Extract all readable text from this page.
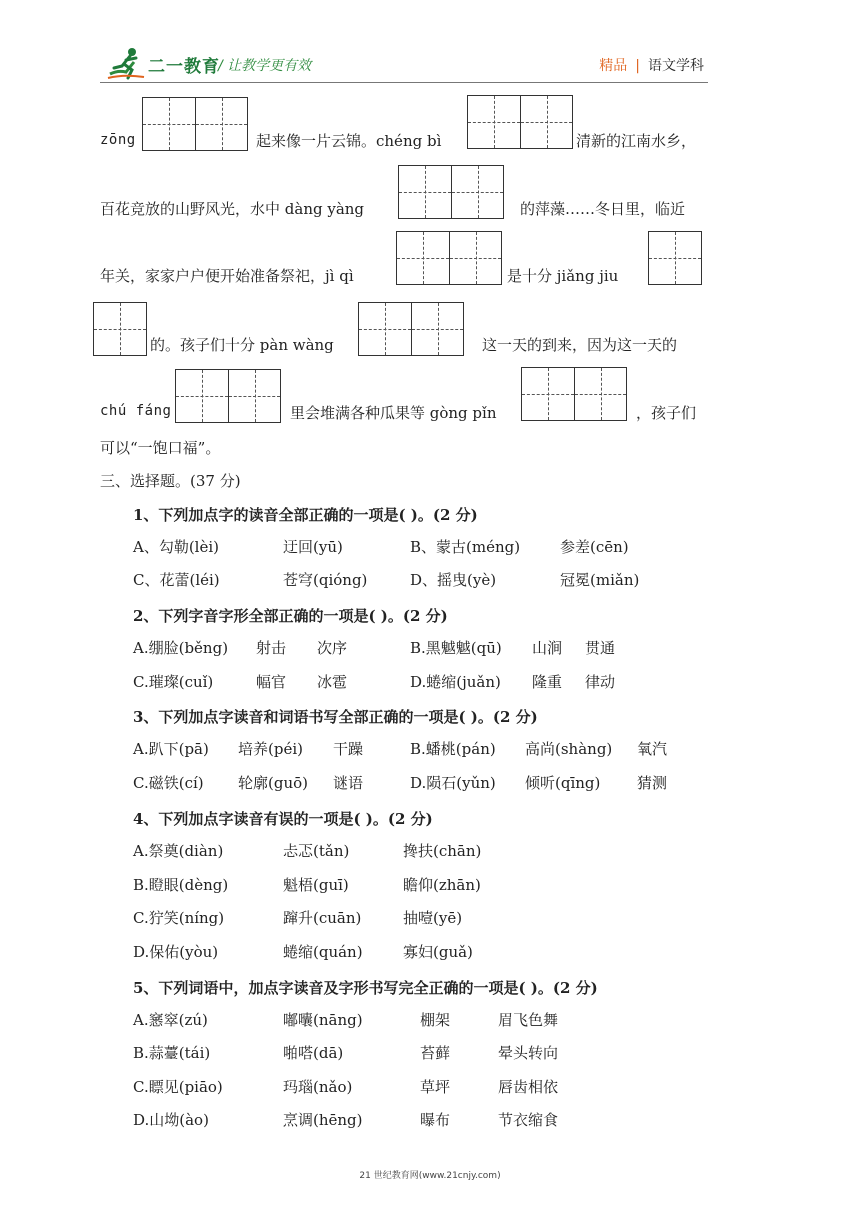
二一教育
/ 让教学更有效	精品 | 语文学科
zōng	起来像一片云锦。chéng bì	清新的江南水乡，
百花竞放的山野风光，水中 dàng yàng	的萍藻……冬日里，临近
年关，家家户户便开始准备祭祀，jì qì	是十分 jiǎng jiu
的。孩子们十分 pàn wàng	这一天的到来，因为这一天的
chú fáng	里会堆满各种瓜果等 gòng pǐn	，孩子们
可以“一饱口福”。
三、选择题。(37 分)
1、下列加点字的读音全部正确的一项是( )。(2 分)
A、勾勒(lèi)	迂回(yū)	B、蒙古(méng)	参差(cēn)
C、花蕾(léi)	苍穹(qióng)	D、摇曳(yè)	冠冕(miǎn)
2、下列字音字形全部正确的一项是( )。(2 分)
A.绷脸(běng) 射击 次序	B.黑魆魆(qū) 山涧 贯通
C.璀璨(cuǐ)	幅官 冰雹	D.蜷缩(juǎn) 隆重 律动
3、下列加点字读音和词语书写全部正确的一项是( )。(2 分)
A.趴下(pā) 培养(péi) 干躁	B.蟠桃(pán) 高尚(shàng) 氧汽
C.磁铁(cí) 轮廓(guō) 谜语	D.陨石(yǔn) 倾听(qīng) 猜测
4、下列加点字读音有误的一项是( )。(2 分)
A.祭奠(diàn)	忐忑(tǎn)	搀扶(chān)
B.瞪眼(dèng)	魁梧(guī)	瞻仰(zhān)
C.狞笑(níng)	蹿升(cuān)	抽噎(yē)
D.保佑(yòu)	蜷缩(quán)	寡妇(guǎ)
5、下列词语中，加点字读音及字形书写完全正确的一项是( )。(2 分)
A.窸窣(zú)	嘟囔(nāng)	棚架	眉飞色舞
B.蒜薹(tái)	啪嗒(dā)	苔藓	晕头转向
C.瞟见(piāo)	玛瑙(nǎo)	草坪	唇齿相依
D.山坳(ào)	烹调(hēng)	曝布	节衣缩食
21 世纪教育网(www.21cnjy.com)
